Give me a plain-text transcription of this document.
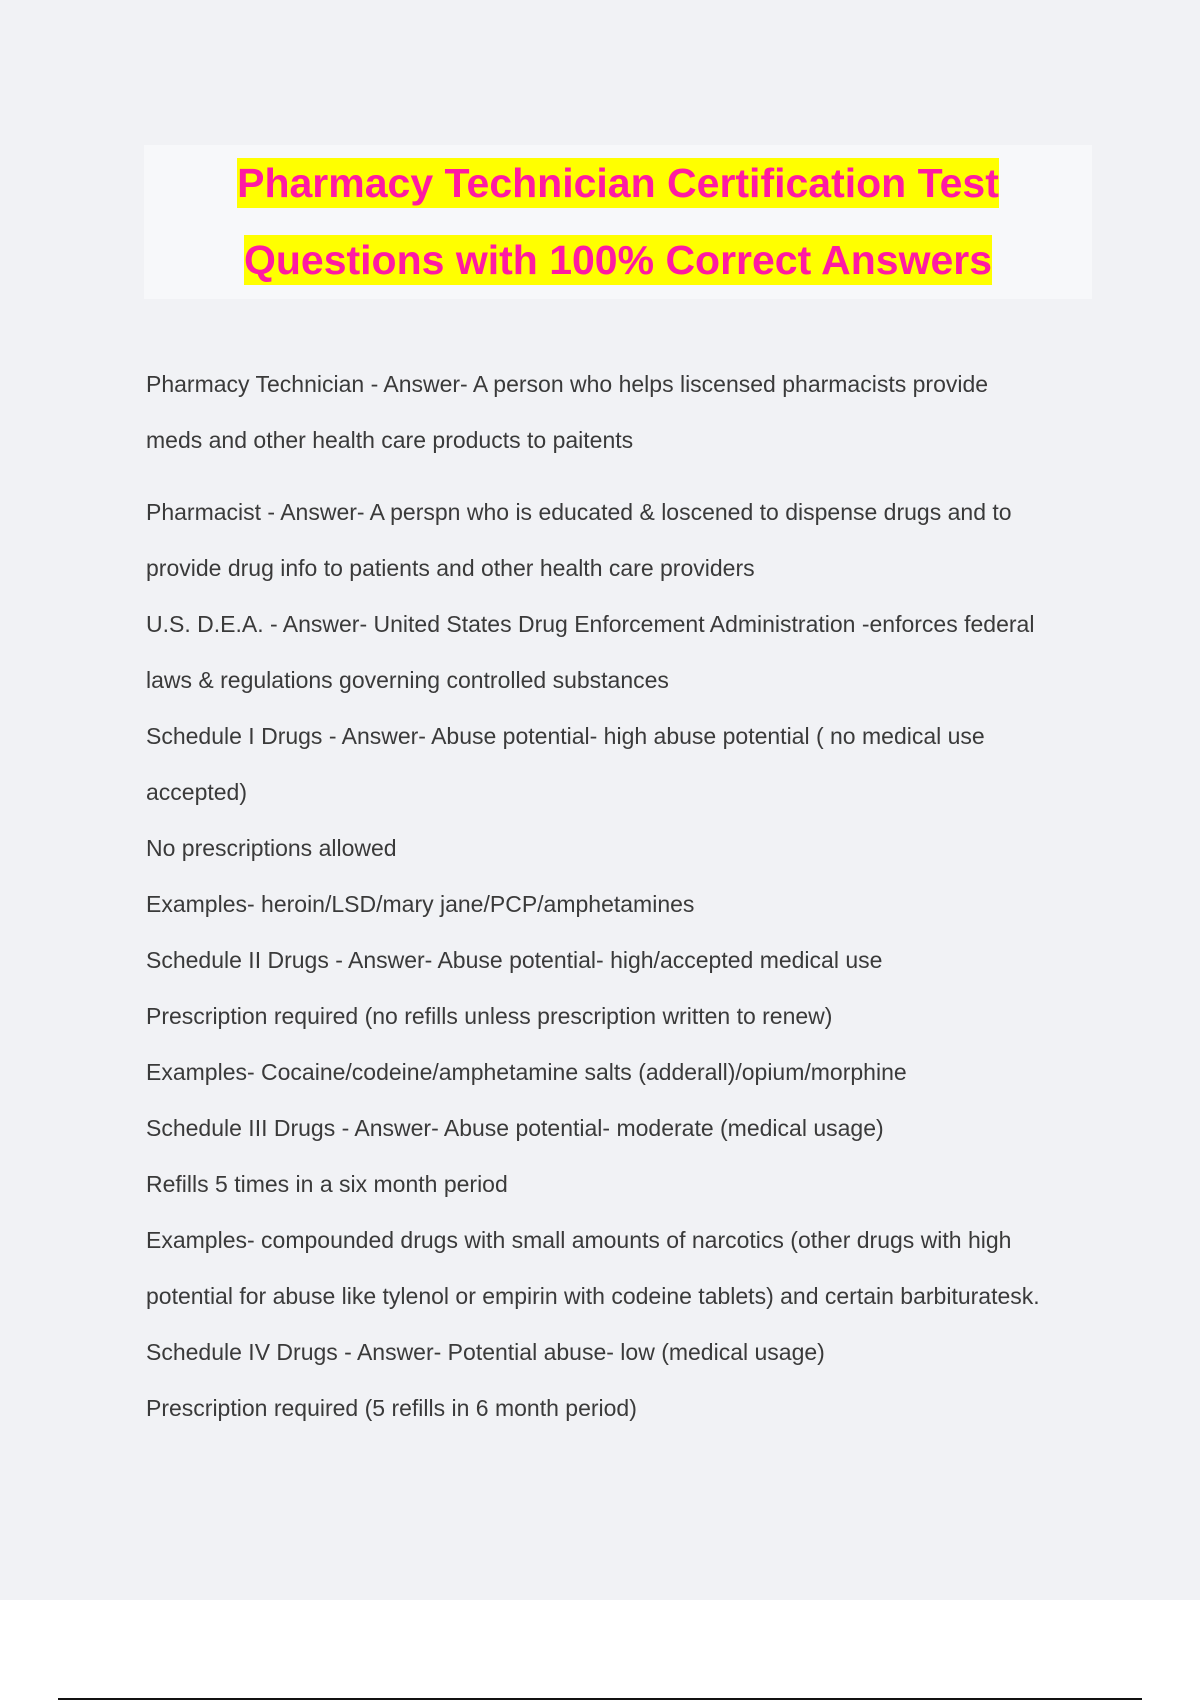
Pharmacy Technician Certification Test
Questions with 100% Correct Answers
Pharmacy Technician - Answer- A person who helps liscensed pharmacists provide
meds and other health care products to paitents
Pharmacist - Answer- A perspn who is educated & loscened to dispense drugs and to
provide drug info to patients and other health care providers
U.S. D.E.A. - Answer- United States Drug Enforcement Administration -enforces federal
laws & regulations governing controlled substances
Schedule I Drugs - Answer- Abuse potential- high abuse potential ( no medical use
accepted)
No prescriptions allowed
Examples- heroin/LSD/mary jane/PCP/amphetamines
Schedule II Drugs - Answer- Abuse potential- high/accepted medical use
Prescription required (no refills unless prescription written to renew)
Examples- Cocaine/codeine/amphetamine salts (adderall)/opium/morphine
Schedule III Drugs - Answer- Abuse potential- moderate (medical usage)
Refills 5 times in a six month period
Examples- compounded drugs with small amounts of narcotics (other drugs with high
potential for abuse like tylenol or empirin with codeine tablets) and certain barbituratesk.
Schedule IV Drugs - Answer- Potential abuse- low (medical usage)
Prescription required (5 refills in 6 month period)
